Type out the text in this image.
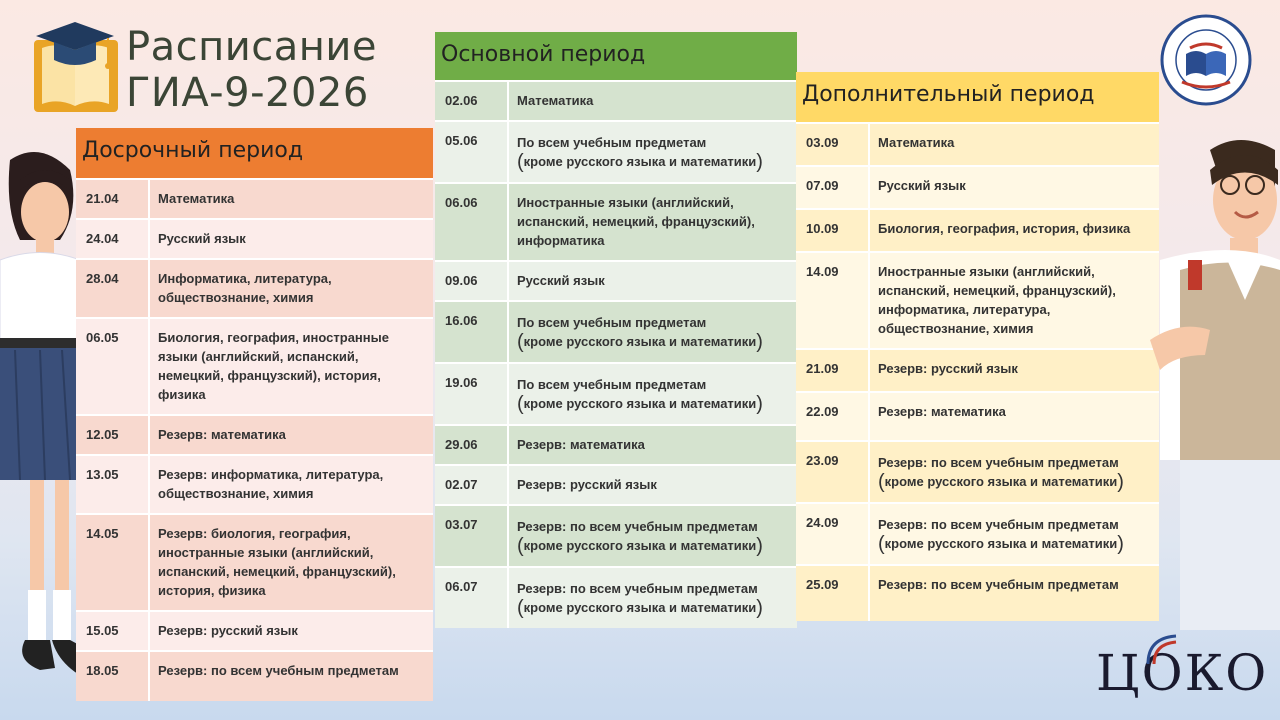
Расписание
ГИА-9-2026
Досрочный период
21.04	Математика
24.04	Русский язык
28.04	Информатика, литература, обществознание, химия
06.05	Биология, география, иностранные языки (английский, испанский, немецкий, французский), история, физика
12.05	Резерв: математика
13.05	Резерв: информатика, литература, обществознание, химия
14.05	Резерв: биология, география, иностранные языки (английский, испанский, немецкий, французский), история, физика
15.05	Резерв: русский язык
18.05	Резерв: по всем учебным предметам
Основной период
02.06	Математика
05.06	По всем учебным предметам
(кроме русского языка и математики)

06.06	Иностранные языки (английский, испанский, немецкий, французский), информатика
09.06	Русский язык
16.06	По всем учебным предметам
(кроме русского языка и математики)

19.06	По всем учебным предметам
(кроме русского языка и математики)

29.06	Резерв: математика
02.07	Резерв: русский язык
03.07	Резерв: по всем учебным предметам
(кроме русского языка и математики)

06.07	Резерв: по всем учебным предметам
(кроме русского языка и математики)
Дополнительный период
03.09	Математика
07.09	Русский язык
10.09	Биология, география, история, физика
14.09	Иностранные языки (английский, испанский, немецкий, французский), информатика, литература, обществознание, химия
21.09	Резерв: русский язык
22.09	Резерв: математика
23.09	Резерв: по всем учебным предметам
(кроме русского языка и математики)

24.09	Резерв: по всем учебным предметам
(кроме русского языка и математики)

25.09	Резерв: по всем учебным предметам
ЦОКО
